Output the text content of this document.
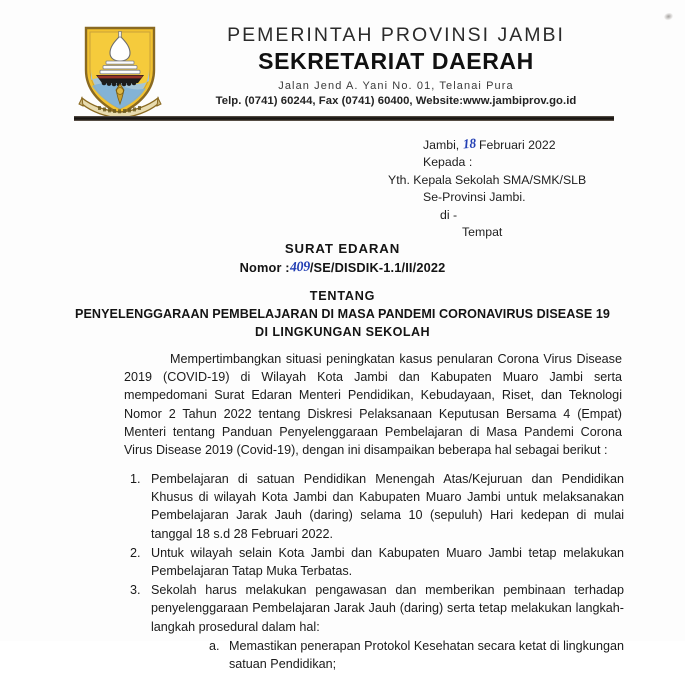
PEMERINTAH PROVINSI JAMBI
SEKRETARIAT DAERAH
Jalan Jend A. Yani No. 01, Telanai Pura
Telp. (0741) 60244, Fax (0741) 60400, Website:www.jambiprov.go.id
Jambi, 18 Februari 2022
Kepada :
Yth. Kepala Sekolah SMA/SMK/SLB
Se-Provinsi Jambi.
di -
Tempat
SURAT EDARAN
Nomor :409/SE/DISDIK-1.1/II/2022
TENTANG
PENYELENGGARAAN PEMBELAJARAN DI MASA PANDEMI CORONAVIRUS DISEASE 19
DI LINGKUNGAN SEKOLAH
Mempertimbangkan situasi peningkatan kasus penularan Corona Virus Disease 2019 (COVID-19) di Wilayah Kota Jambi dan Kabupaten Muaro Jambi serta mempedomani Surat Edaran Menteri Pendidikan, Kebudayaan, Riset, dan Teknologi Nomor 2 Tahun 2022 tentang Diskresi Pelaksanaan Keputusan Bersama 4 (Empat) Menteri tentang Panduan Penyelenggaraan Pembelajaran di Masa Pandemi Corona Virus Disease 2019 (Covid-19), dengan ini disampaikan beberapa hal sebagai berikut :
1. Pembelajaran di satuan Pendidikan Menengah Atas/Kejuruan dan Pendidikan Khusus di wilayah Kota Jambi dan Kabupaten Muaro Jambi untuk melaksanakan Pembelajaran Jarak Jauh (daring) selama 10 (sepuluh) Hari kedepan di mulai tanggal 18 s.d 28 Februari 2022.
2. Untuk wilayah selain Kota Jambi dan Kabupaten Muaro Jambi tetap melakukan Pembelajaran Tatap Muka Terbatas.
3. Sekolah harus melakukan pengawasan dan memberikan pembinaan terhadap penyelenggaraan Pembelajaran Jarak Jauh (daring) serta tetap melakukan langkah-langkah prosedural dalam hal:
a. Memastikan penerapan Protokol Kesehatan secara ketat di lingkungan satuan Pendidikan;
